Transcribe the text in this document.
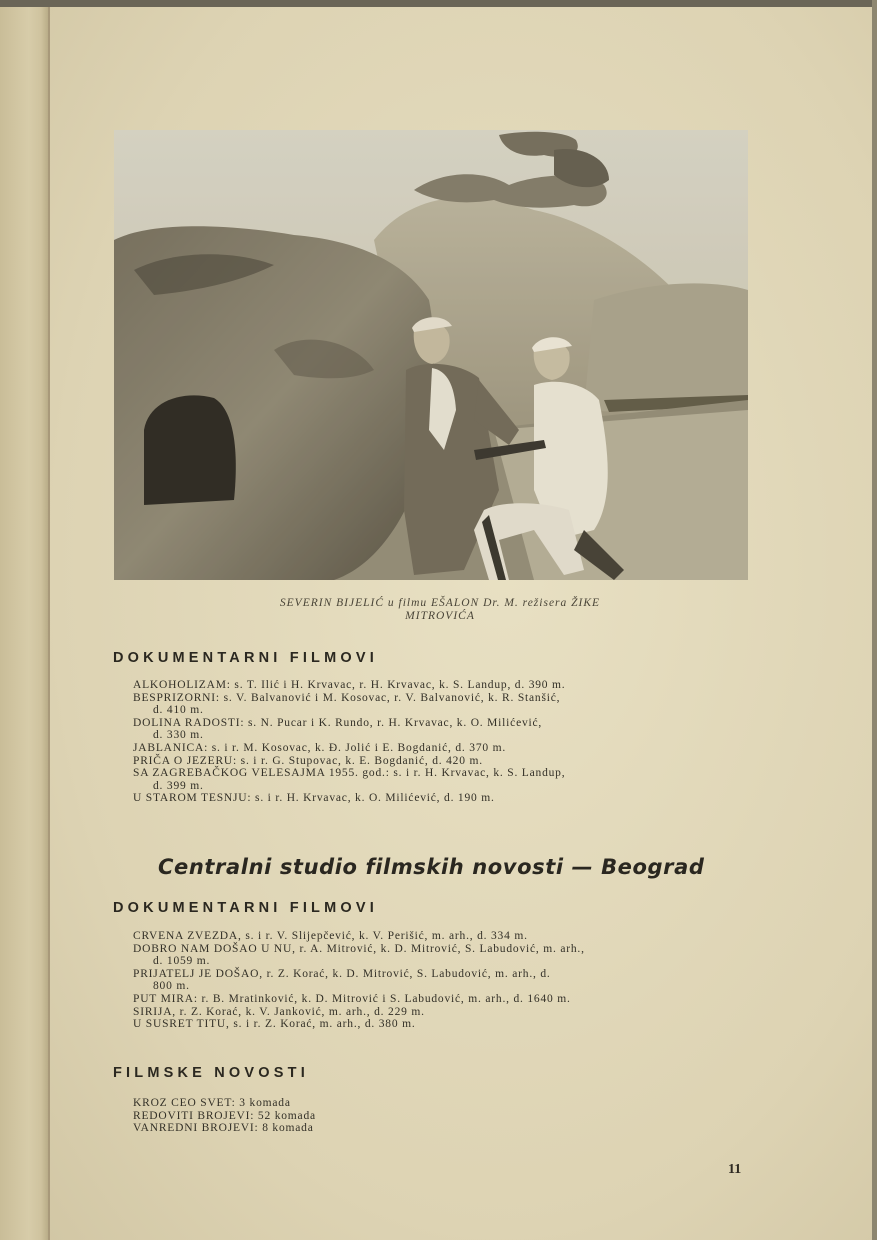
SEVERIN BIJELIĆ u filmu EŠALON Dr. M. režisera ŽIKE
MITROVIĆA
DOKUMENTARNI FILMOVI
ALKOHOLIZAM: s. T. Ilić i H. Krvavac, r. H. Krvavac, k. S. Landup, d. 390 m.
BESPRIZORNI: s. V. Balvanović i M. Kosovac, r. V. Balvanović, k. R. Stanšić,
d. 410 m.
DOLINA RADOSTI: s. N. Pucar i K. Rundo, r. H. Krvavac, k. O. Milićević,
d. 330 m.
JABLANICA: s. i r. M. Kosovac, k. Đ. Jolić i E. Bogdanić, d. 370 m.
PRIČA O JEZERU: s. i r. G. Stupovac, k. E. Bogdanić, d. 420 m.
SA ZAGREBAČKOG VELESAJMA 1955. god.: s. i r. H. Krvavac, k. S. Landup,
d. 399 m.
U STAROM TESNJU: s. i r. H. Krvavac, k. O. Milićević, d. 190 m.
Centralni studio filmskih novosti — Beograd
DOKUMENTARNI FILMOVI
CRVENA ZVEZDA, s. i r. V. Slijepčević, k. V. Perišić, m. arh., d. 334 m.
DOBRO NAM DOŠAO U NU, r. A. Mitrović, k. D. Mitrović, S. Labudović, m. arh.,
d. 1059 m.
PRIJATELJ JE DOŠAO, r. Z. Korać, k. D. Mitrović, S. Labudović, m. arh., d.
800 m.
PUT MIRA: r. B. Mratinković, k. D. Mitrović i S. Labudović, m. arh., d. 1640 m.
SIRIJA, r. Z. Korać, k. V. Janković, m. arh., d. 229 m.
U SUSRET TITU, s. i r. Z. Korać, m. arh., d. 380 m.
FILMSKE NOVOSTI
KROZ CEO SVET: 3 komada
REDOVITI BROJEVI: 52 komada
VANREDNI BROJEVI: 8 komada
11
